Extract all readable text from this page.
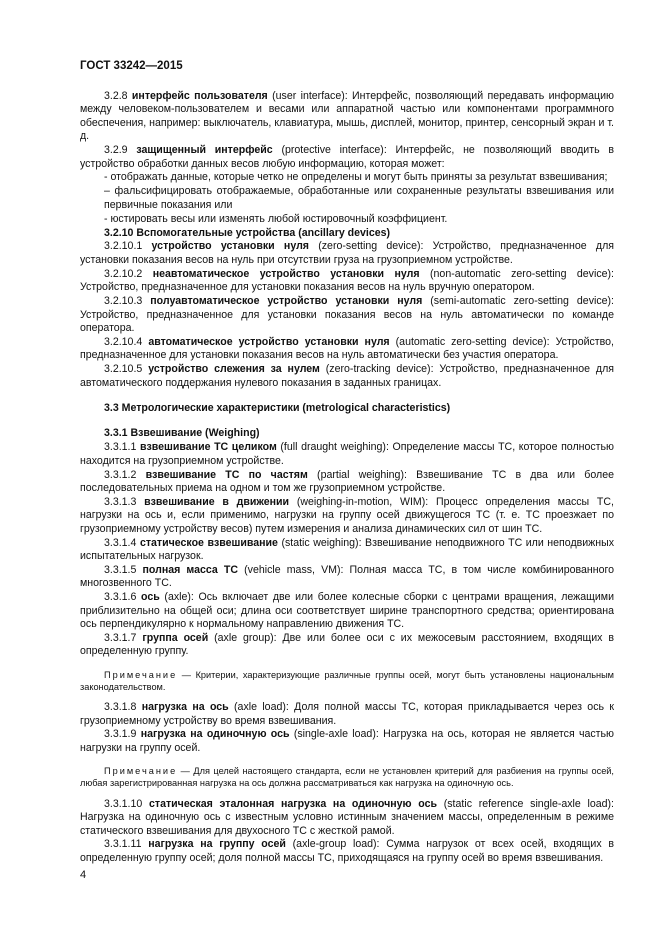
ГОСТ 33242—2015

3.2.8 интерфейс пользователя (user interface): Интерфейс, позволяющий передавать информацию между человеком-пользователем и весами или аппаратной частью или компонентами программного обеспечения, например: выключатель, клавиатура, мышь, дисплей, монитор, принтер, сенсорный экран и т. д.

3.2.9 защищенный интерфейс (protective interface): Интерфейс, не позволяющий вводить в устройство обработки данных весов любую информацию, которая может:

- отображать данные, которые четко не определены и могут быть приняты за результат взвешивания;

– фальсифицировать отображаемые, обработанные или сохраненные результаты взвешивания или первичные показания или

- юстировать весы или изменять любой юстировочный коэффициент.

3.2.10 Вспомогательные устройства (ancillary devices)

3.2.10.1 устройство установки нуля (zero-setting device): Устройство, предназначенное для установки показания весов на нуль при отсутствии груза на грузоприемном устройстве.

3.2.10.2 неавтоматическое устройство установки нуля (non-automatic zero-setting device): Устройство, предназначенное для установки показания весов на нуль вручную оператором.

3.2.10.3 полуавтоматическое устройство установки нуля (semi-automatic zero-setting device): Устройство, предназначенное для установки показания весов на нуль автоматически по команде оператора.

3.2.10.4 автоматическое устройство установки нуля (automatic zero-setting device): Устройство, предназначенное для установки показания весов на нуль автоматически без участия оператора.

3.2.10.5 устройство слежения за нулем (zero-tracking device): Устройство, предназначенное для автоматического поддержания нулевого показания в заданных границах.

3.3 Метрологические характеристики (metrological characteristics)

3.3.1 Взвешивание (Weighing)

3.3.1.1 взвешивание ТС целиком (full draught weighing): Определение массы ТС, которое полностью находится на грузоприемном устройстве.

3.3.1.2 взвешивание ТС по частям (partial weighing): Взвешивание ТС в два или более последовательных приема на одном и том же грузоприемном устройстве.

3.3.1.3 взвешивание в движении (weighing-in-motion, WIM): Процесс определения массы ТС, нагрузки на ось и, если применимо, нагрузки на группу осей движущегося ТС (т. е. ТС проезжает по грузоприемному устройству весов) путем измерения и анализа динамических сил от шин ТС.

3.3.1.4 статическое взвешивание (static weighing): Взвешивание неподвижного ТС или неподвижных испытательных нагрузок.

3.3.1.5 полная масса ТС (vehicle mass, VM): Полная масса ТС, в том числе комбинированного многозвенного ТС.

3.3.1.6 ось (axle): Ось включает две или более колесные сборки с центрами вращения, лежащими приблизительно на общей оси; длина оси соответствует ширине транспортного средства; ориентирована ось перпендикулярно к нормальному направлению движения ТС.

3.3.1.7 группа осей (axle group): Две или более оси с их межосевым расстоянием, входящих в определенную группу.

Примечание — Критерии, характеризующие различные группы осей, могут быть установлены национальным законодательством.

3.3.1.8 нагрузка на ось (axle load): Доля полной массы ТС, которая прикладывается через ось к грузоприемному устройству во время взвешивания.

3.3.1.9 нагрузка на одиночную ось (single-axle load): Нагрузка на ось, которая не является частью нагрузки на группу осей.

Примечание — Для целей настоящего стандарта, если не установлен критерий для разбиения на группы осей, любая зарегистрированная нагрузка на ось должна рассматриваться как нагрузка на одиночную ось.

3.3.1.10 статическая эталонная нагрузка на одиночную ось (static reference single-axle load): Нагрузка на одиночную ось с известным условно истинным значением массы, определенным в режиме статического взвешивания для двухосного ТС с жесткой рамой.

3.3.1.11 нагрузка на группу осей (axle-group load): Сумма нагрузок от всех осей, входящих в определенную группу осей; доля полной массы ТС, приходящаяся на группу осей во время взвешивания.

4
